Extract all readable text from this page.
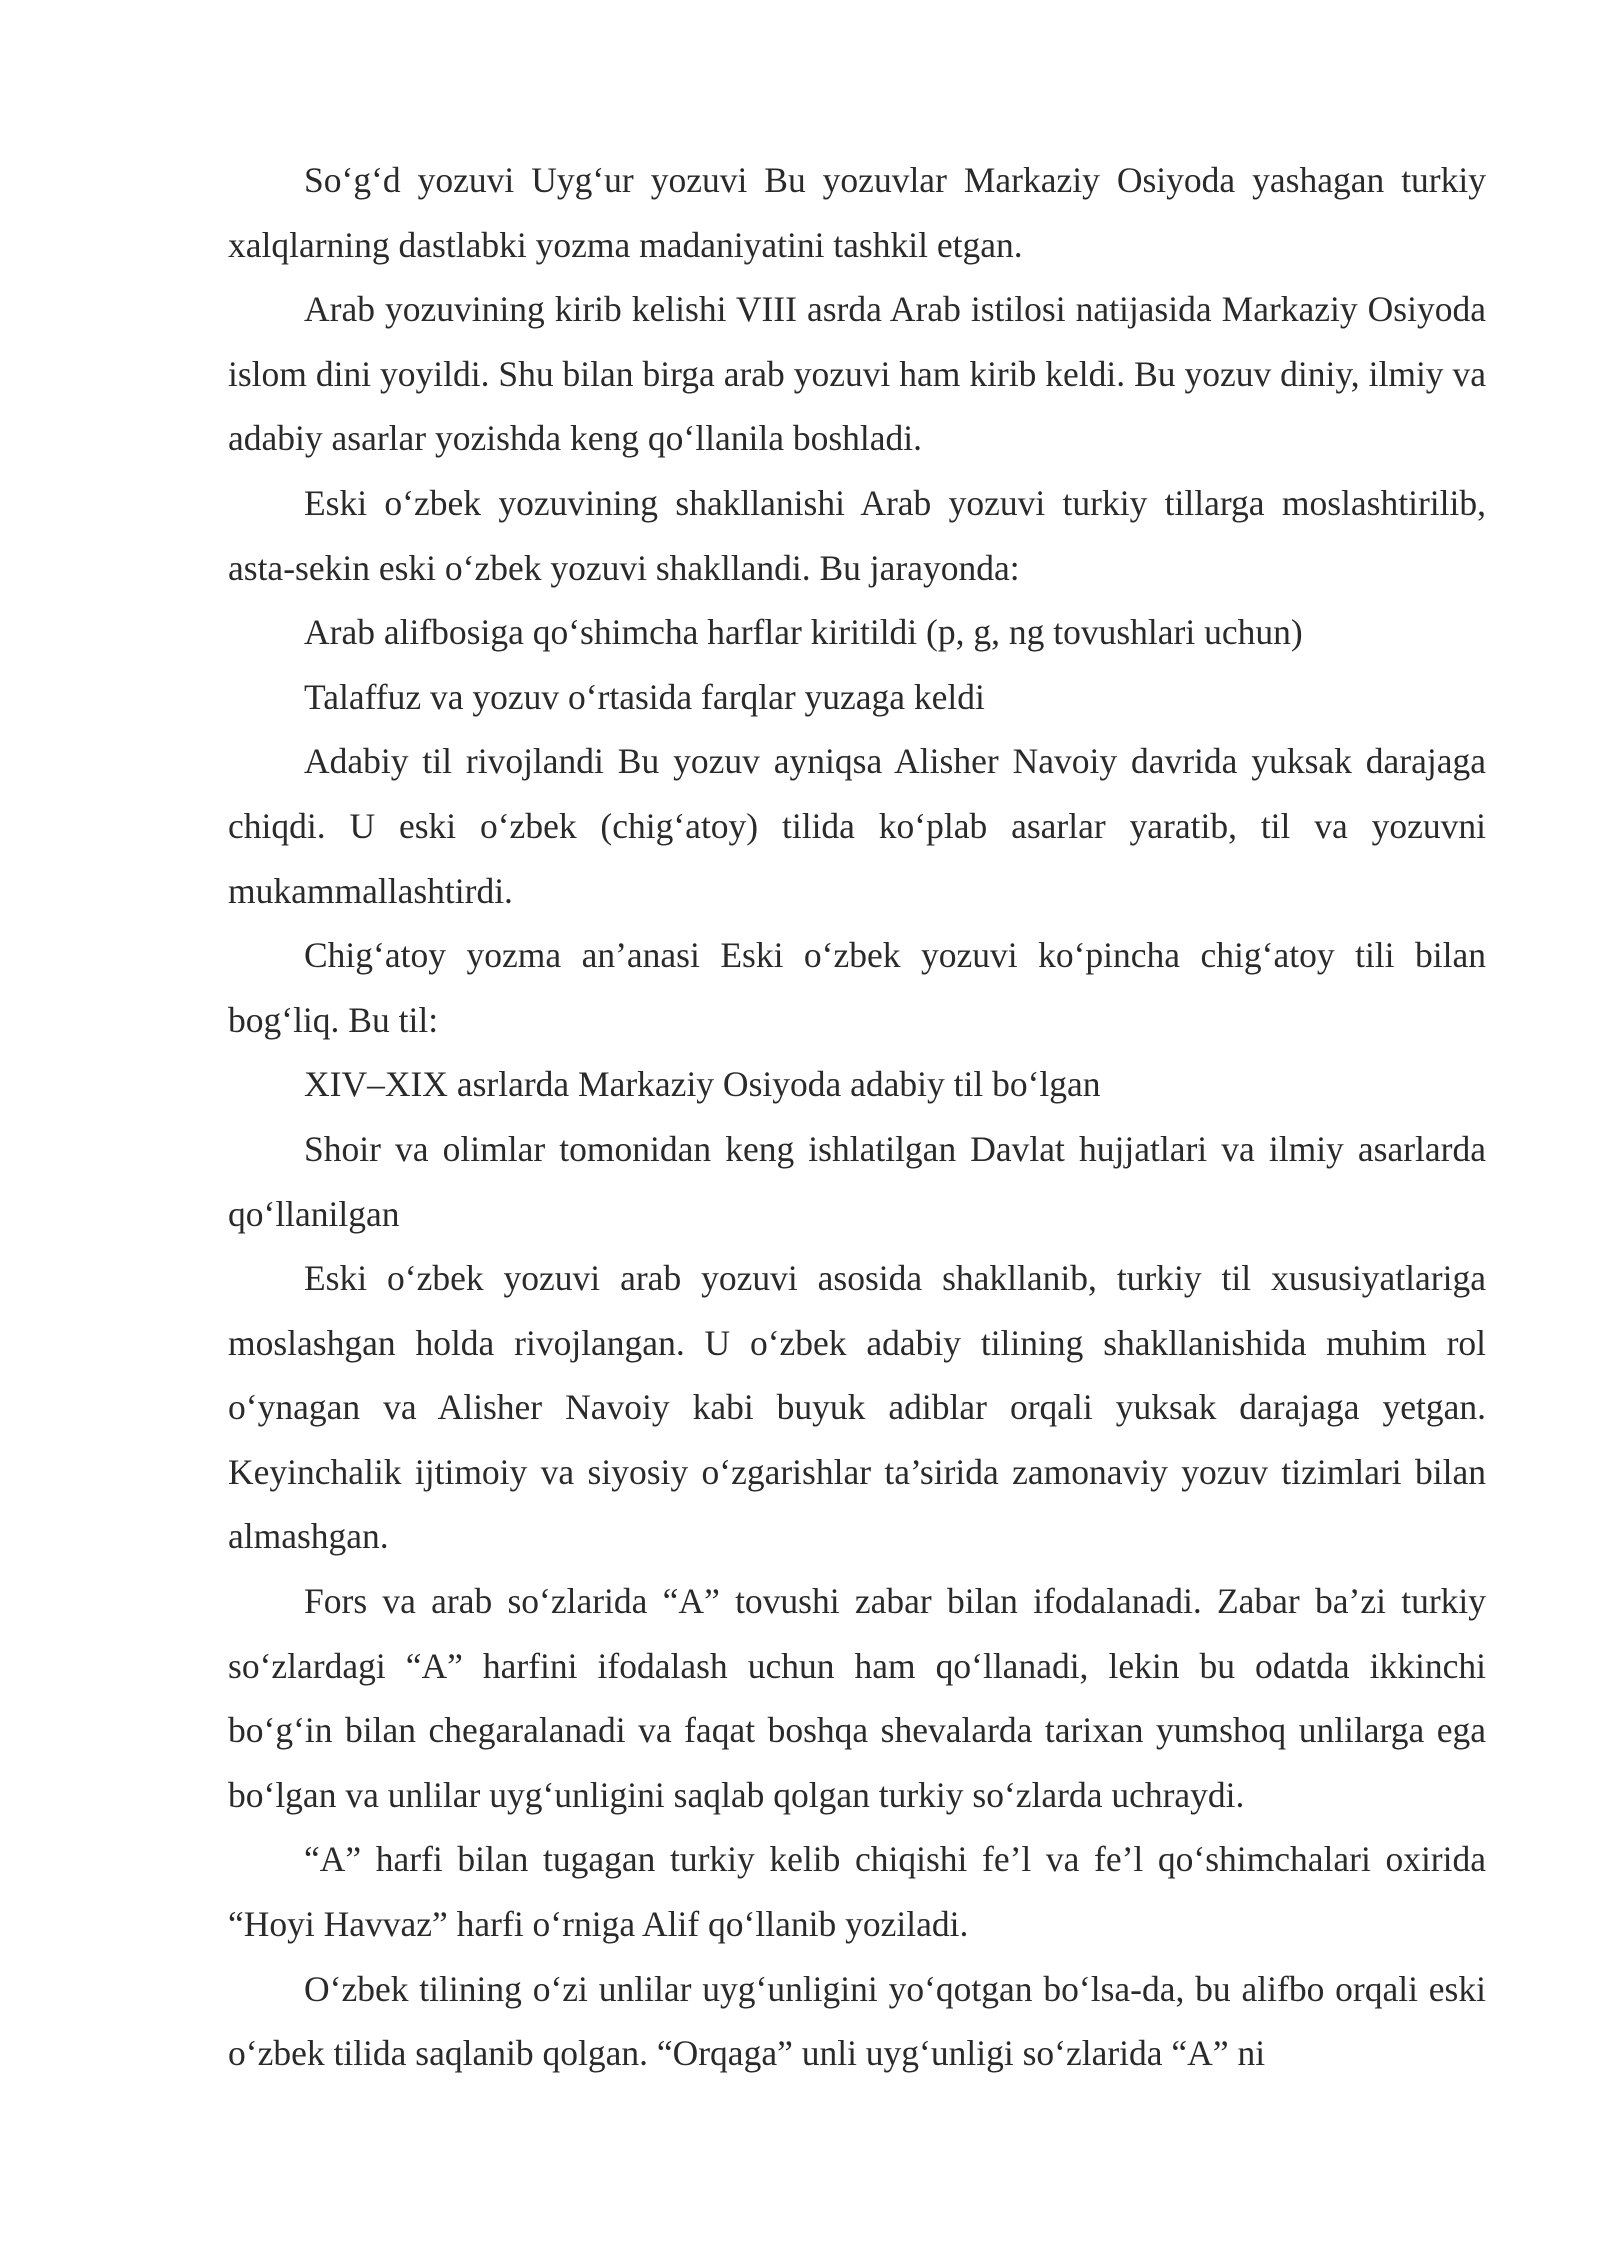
So‘g‘d yozuvi Uyg‘ur yozuvi Bu yozuvlar Markaziy Osiyoda yashagan turkiy xalqlarning dastlabki yozma madaniyatini tashkil etgan.

Arab yozuvining kirib kelishi VIII asrda Arab istilosi natijasida Markaziy Osiyoda islom dini yoyildi. Shu bilan birga arab yozuvi ham kirib keldi. Bu yozuv diniy, ilmiy va adabiy asarlar yozishda keng qo‘llanila boshladi.

Eski o‘zbek yozuvining shakllanishi Arab yozuvi turkiy tillarga moslashtirilib, asta-sekin eski o‘zbek yozuvi shakllandi. Bu jarayonda:

Arab alifbosiga qo‘shimcha harflar kiritildi (p, g, ng tovushlari uchun)

Talaffuz va yozuv o‘rtasida farqlar yuzaga keldi

Adabiy til rivojlandi Bu yozuv ayniqsa Alisher Navoiy davrida yuksak darajaga chiqdi. U eski o‘zbek (chig‘atoy) tilida ko‘plab asarlar yaratib, til va yozuvni mukammallashtirdi.

Chig‘atoy yozma an’anasi Eski o‘zbek yozuvi ko‘pincha chig‘atoy tili bilan bog‘liq. Bu til:

XIV–XIX asrlarda Markaziy Osiyoda adabiy til bo‘lgan

Shoir va olimlar tomonidan keng ishlatilgan Davlat hujjatlari va ilmiy asarlarda qo‘llanilgan

Eski o‘zbek yozuvi arab yozuvi asosida shakllanib, turkiy til xususiyatlariga moslashgan holda rivojlangan. U o‘zbek adabiy tilining shakllanishida muhim rol o‘ynagan va Alisher Navoiy kabi buyuk adiblar orqali yuksak darajaga yetgan. Keyinchalik ijtimoiy va siyosiy o‘zgarishlar ta’sirida zamonaviy yozuv tizimlari bilan almashgan.

Fors va arab so‘zlarida “A” tovushi zabar bilan ifodalanadi. Zabar ba’zi turkiy so‘zlardagi “A” harfini ifodalash uchun ham qo‘llanadi, lekin bu odatda ikkinchi bo‘g‘in bilan chegaralanadi va faqat boshqa shevalarda tarixan yumshoq unlilarga ega bo‘lgan va unlilar uyg‘unligini saqlab qolgan turkiy so‘zlarda uchraydi.

“A” harfi bilan tugagan turkiy kelib chiqishi fe’l va fe’l qo‘shimchalari oxirida “Hoyi Havvaz” harfi o‘rniga Alif qo‘llanib yoziladi.

O‘zbek tilining o‘zi unlilar uyg‘unligini yo‘qotgan bo‘lsa-da, bu alifbo orqali eski o‘zbek tilida saqlanib qolgan. “Orqaga” unli uyg‘unligi so‘zlarida “A” ni
